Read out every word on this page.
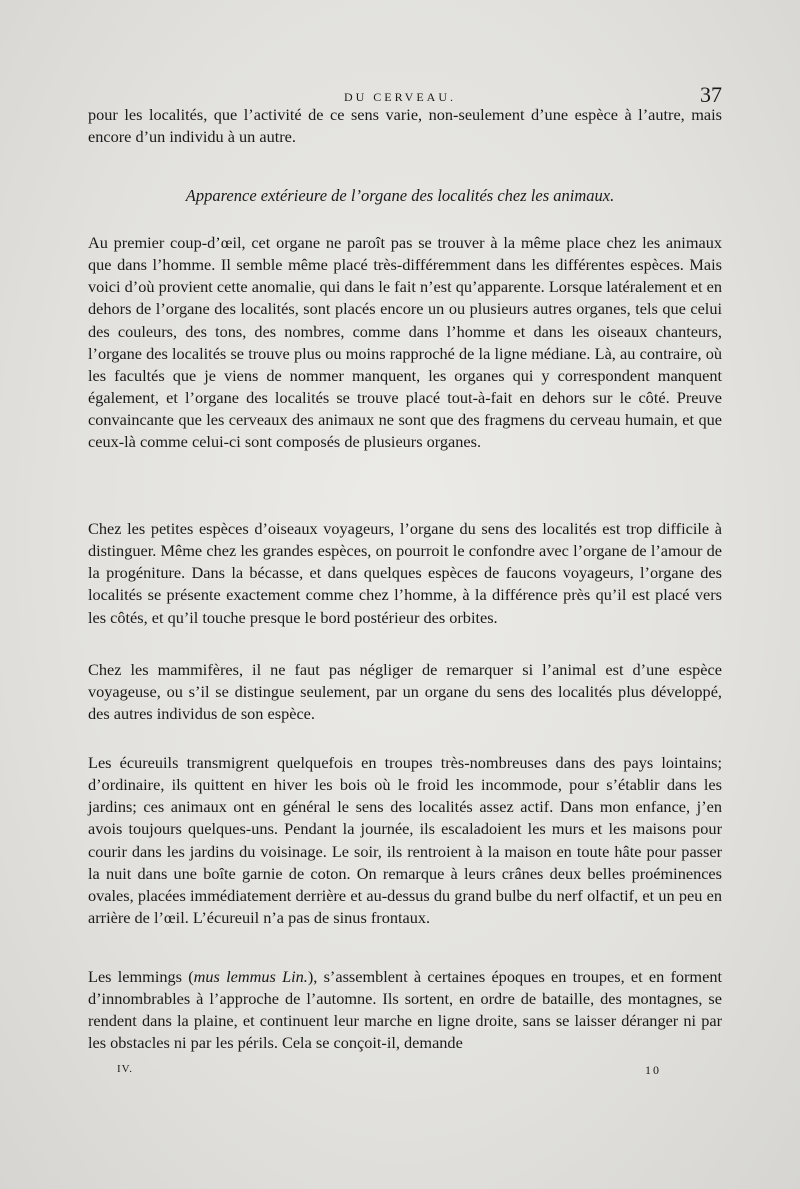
DU CERVEAU.	37

pour les localités, que l’activité de ce sens varie, non-seulement d’une espèce à l’autre, mais encore d’un individu à un autre.

Apparence extérieure de l’organe des localités chez les animaux.

Au premier coup-d’œil, cet organe ne paroît pas se trouver à la même place chez les animaux que dans l’homme. Il semble même placé très-différemment dans les différentes espèces. Mais voici d’où provient cette anomalie, qui dans le fait n’est qu’apparente. Lorsque latéralement et en dehors de l’organe des localités, sont placés encore un ou plusieurs autres organes, tels que celui des couleurs, des tons, des nombres, comme dans l’homme et dans les oiseaux chanteurs, l’organe des localités se trouve plus ou moins rapproché de la ligne médiane. Là, au contraire, où les facultés que je viens de nommer manquent, les organes qui y correspondent manquent également, et l’organe des localités se trouve placé tout-à-fait en dehors sur le côté. Preuve convaincante que les cerveaux des animaux ne sont que des fragmens du cerveau humain, et que ceux-là comme celui-ci sont composés de plusieurs organes.

Chez les petites espèces d’oiseaux voyageurs, l’organe du sens des localités est trop difficile à distinguer. Même chez les grandes espèces, on pourroit le confondre avec l’organe de l’amour de la progéniture. Dans la bécasse, et dans quelques espèces de faucons voyageurs, l’organe des localités se présente exactement comme chez l’homme, à la différence près qu’il est placé vers les côtés, et qu’il touche presque le bord postérieur des orbites.

Chez les mammifères, il ne faut pas négliger de remarquer si l’animal est d’une espèce voyageuse, ou s’il se distingue seulement, par un organe du sens des localités plus développé, des autres individus de son espèce.

Les écureuils transmigrent quelquefois en troupes très-nombreuses dans des pays lointains; d’ordinaire, ils quittent en hiver les bois où le froid les incommode, pour s’établir dans les jardins; ces animaux ont en général le sens des localités assez actif. Dans mon enfance, j’en avois toujours quelques-uns. Pendant la journée, ils escaladoient les murs et les maisons pour courir dans les jardins du voisinage. Le soir, ils rentroient à la maison en toute hâte pour passer la nuit dans une boîte garnie de coton. On remarque à leurs crânes deux belles proéminences ovales, placées immédiatement derrière et au-dessus du grand bulbe du nerf olfactif, et un peu en arrière de l’œil. L’écureuil n’a pas de sinus frontaux.

Les lemmings (mus lemmus Lin.), s’assemblent à certaines époques en troupes, et en forment d’innombrables à l’approche de l’automne. Ils sortent, en ordre de bataille, des montagnes, se rendent dans la plaine, et continuent leur marche en ligne droite, sans se laisser déranger ni par les obstacles ni par les périls. Cela se conçoit-il, demande

IV.	10
